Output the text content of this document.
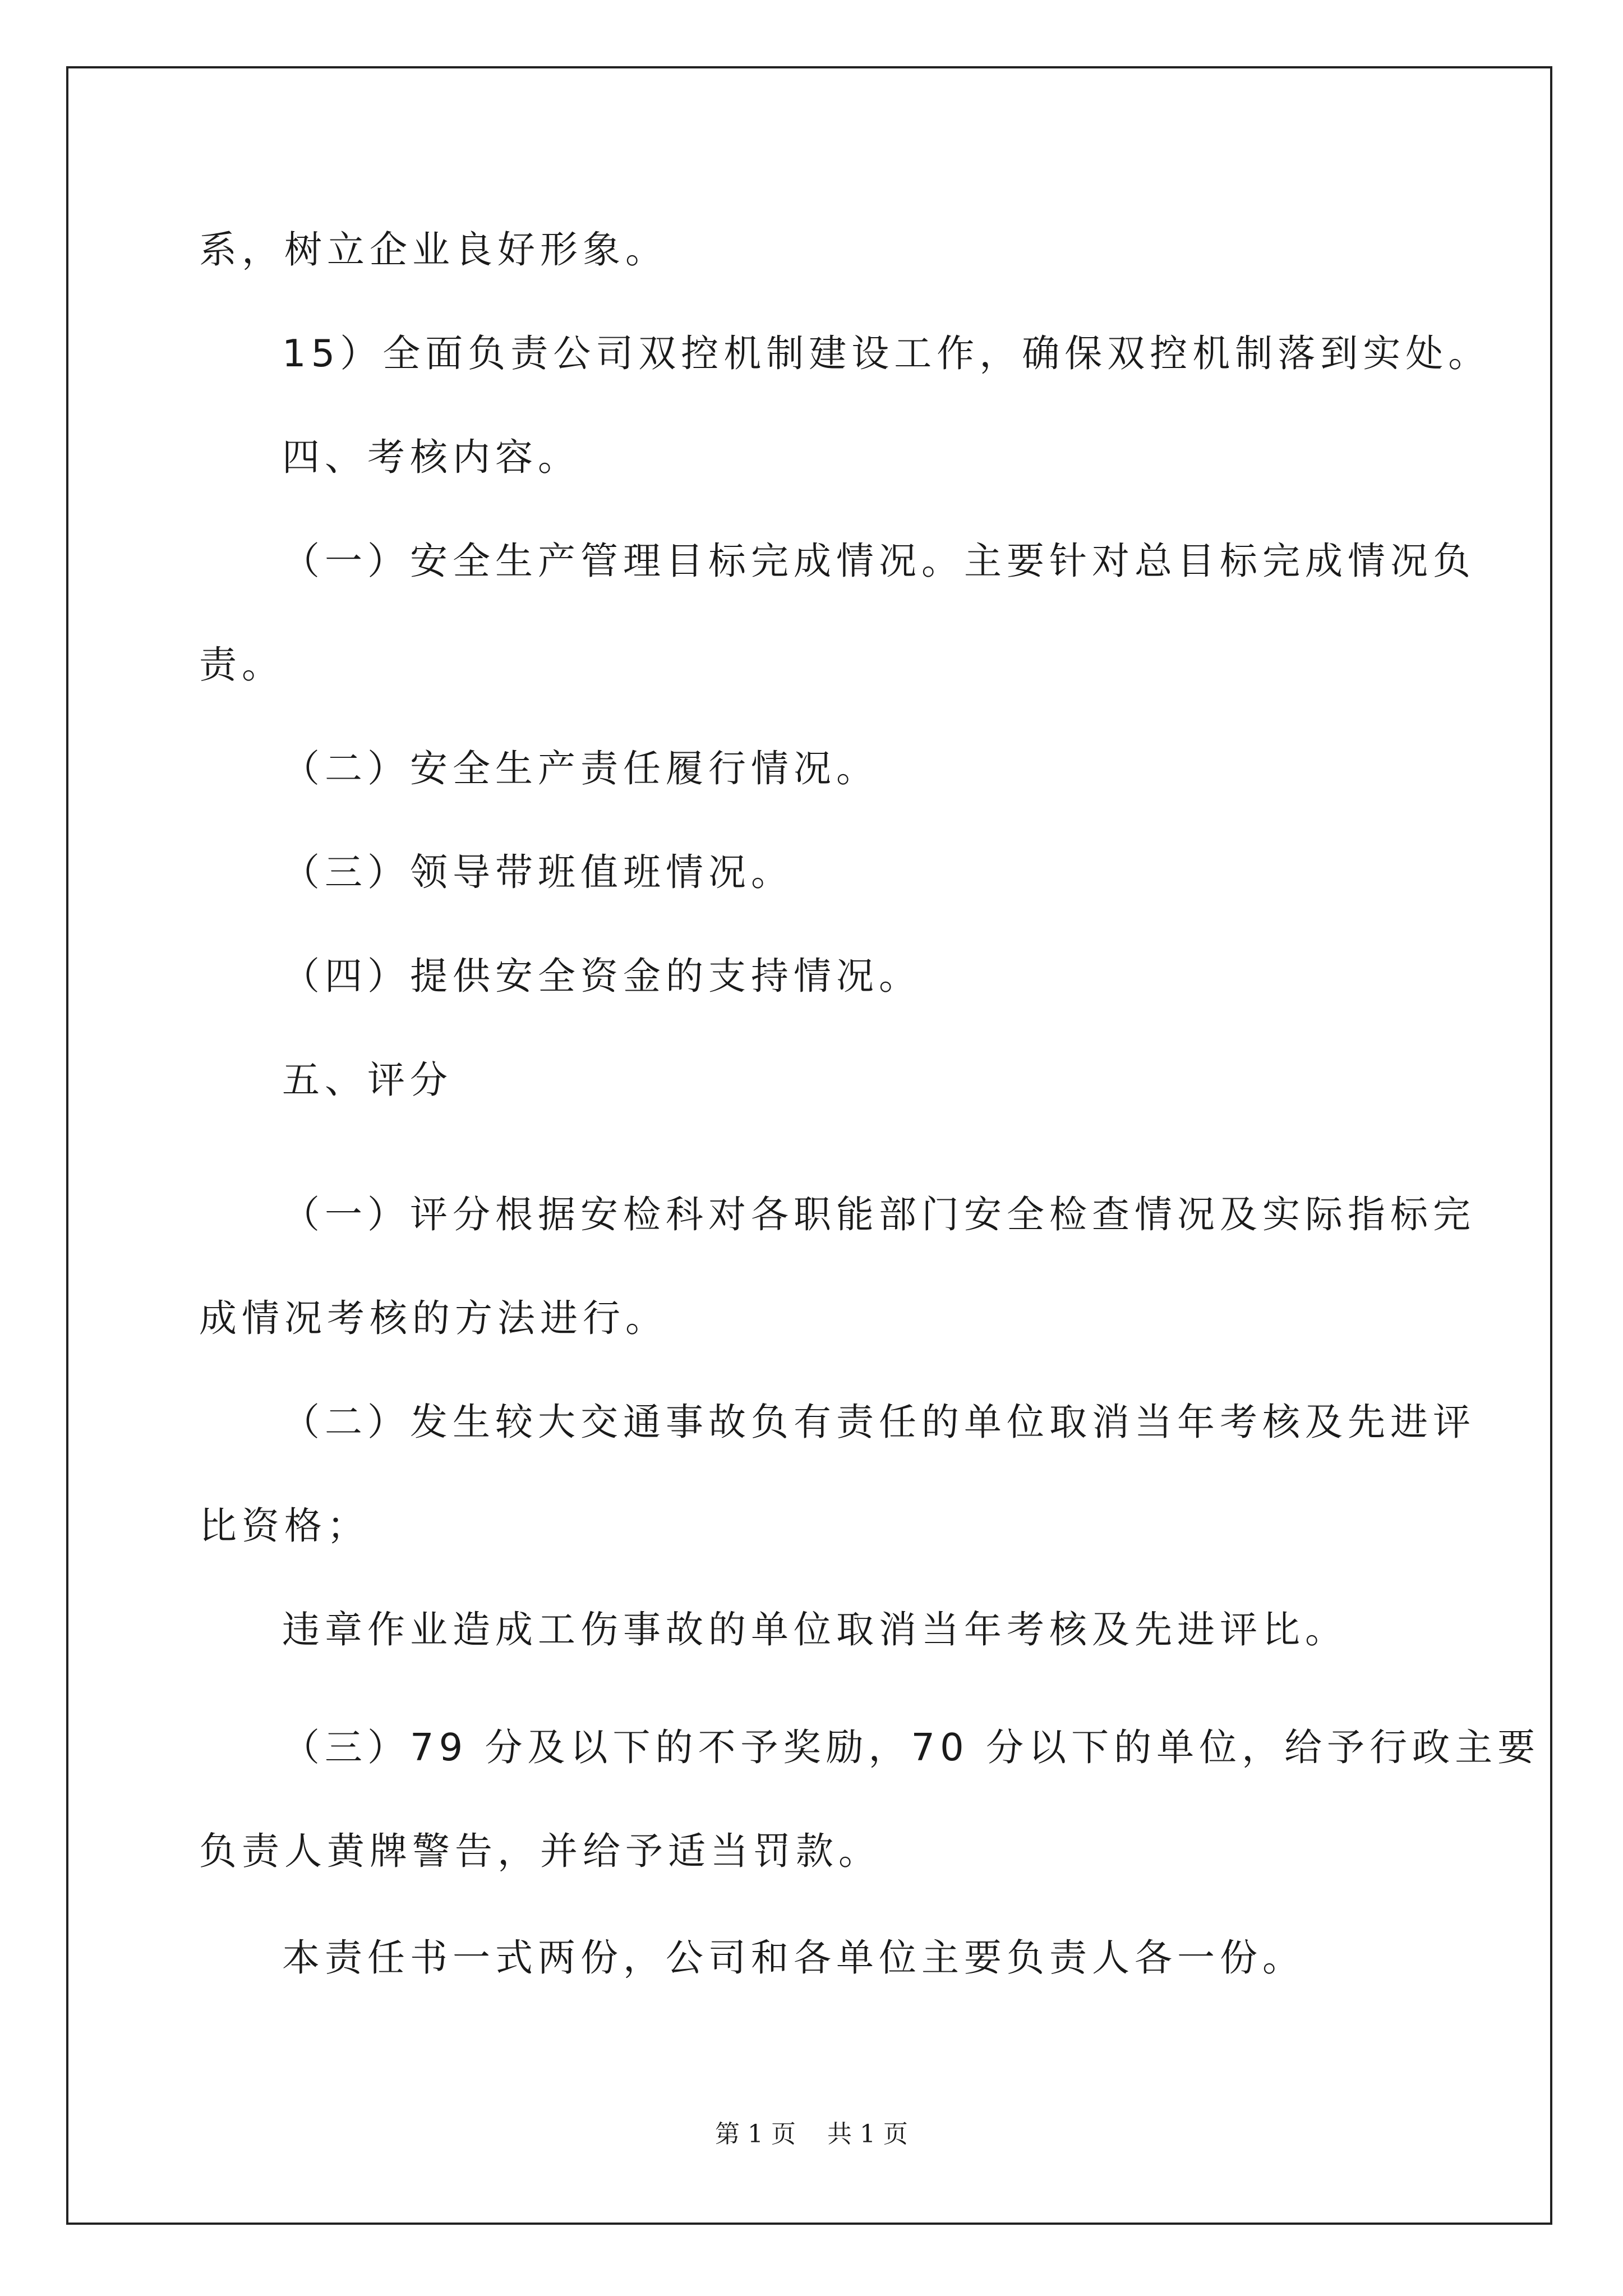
系，树立企业良好形象。
15）全面负责公司双控机制建设工作，确保双控机制落到实处。
四、考核内容。
（一）安全生产管理目标完成情况。主要针对总目标完成情况负
责。
（二）安全生产责任履行情况。
（三）领导带班值班情况。
（四）提供安全资金的支持情况。
五、评分
（一）评分根据安检科对各职能部门安全检查情况及实际指标完
成情况考核的方法进行。
（二）发生较大交通事故负有责任的单位取消当年考核及先进评
比资格；
违章作业造成工伤事故的单位取消当年考核及先进评比。
（三）79 分及以下的不予奖励，70 分以下的单位，给予行政主要
负责人黄牌警告，并给予适当罚款。
本责任书一式两份，公司和各单位主要负责人各一份。
第 1 页    共 1 页
